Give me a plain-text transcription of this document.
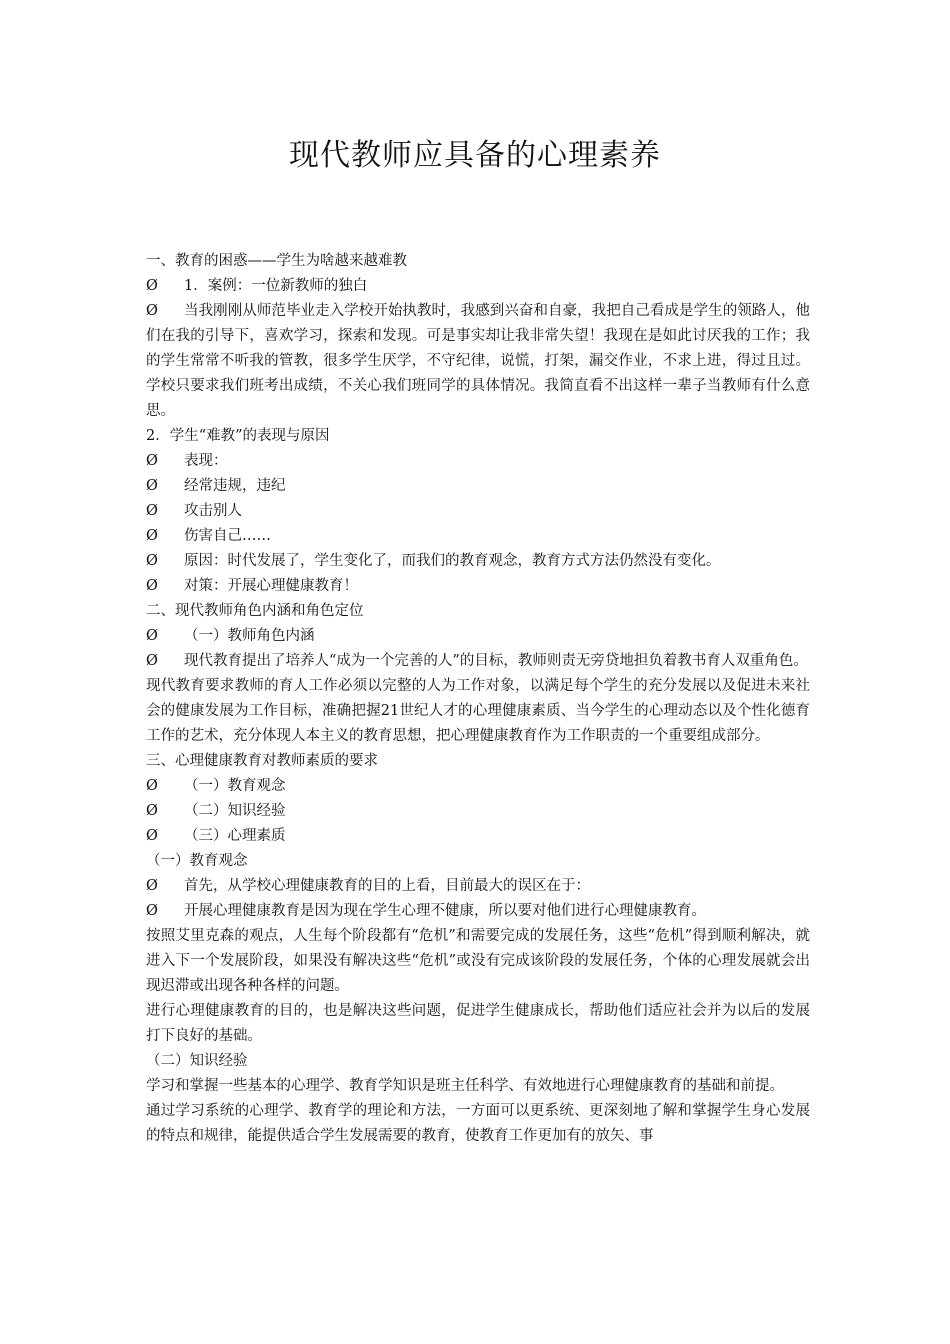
现代教师应具备的心理素养

一、教育的困惑——学生为啥越来越难教

Ø 1．案例：一位新教师的独白

Ø 当我刚刚从师范毕业走入学校开始执教时，我感到兴奋和自豪，我把自己看成是学生的领路人，他们在我的引导下，喜欢学习，探索和发现。可是事实却让我非常失望！我现在是如此讨厌我的工作；我的学生常常不听我的管教，很多学生厌学，不守纪律，说慌，打架，漏交作业，不求上进，得过且过。学校只要求我们班考出成绩，不关心我们班同学的具体情况。我简直看不出这样一辈子当教师有什么意思。

2．学生“难教”的表现与原因

Ø 表现：

Ø 经常违规，违纪

Ø 攻击别人

Ø 伤害自己……

Ø 原因：时代发展了，学生变化了，而我们的教育观念，教育方式方法仍然没有变化。

Ø 对策：开展心理健康教育！

二、现代教师角色内涵和角色定位

Ø （一）教师角色内涵

Ø 现代教育提出了培养人“成为一个完善的人”的目标，教师则责无旁贷地担负着教书育人双重角色。

现代教育要求教师的育人工作必须以完整的人为工作对象，以满足每个学生的充分发展以及促进未来社会的健康发展为工作目标，准确把握21世纪人才的心理健康素质、当今学生的心理动态以及个性化德育工作的艺术，充分体现人本主义的教育思想，把心理健康教育作为工作职责的一个重要组成部分。

三、心理健康教育对教师素质的要求

Ø （一）教育观念

Ø （二）知识经验

Ø （三）心理素质

（一）教育观念

Ø 首先，从学校心理健康教育的目的上看，目前最大的误区在于：

Ø 开展心理健康教育是因为现在学生心理不健康，所以要对他们进行心理健康教育。

按照艾里克森的观点，人生每个阶段都有“危机”和需要完成的发展任务，这些“危机”得到顺利解决，就进入下一个发展阶段，如果没有解决这些“危机”或没有完成该阶段的发展任务，个体的心理发展就会出现迟滞或出现各种各样的问题。

进行心理健康教育的目的，也是解决这些问题，促进学生健康成长，帮助他们适应社会并为以后的发展打下良好的基础。

（二）知识经验

学习和掌握一些基本的心理学、教育学知识是班主任科学、有效地进行心理健康教育的基础和前提。

通过学习系统的心理学、教育学的理论和方法，一方面可以更系统、更深刻地了解和掌握学生身心发展的特点和规律，能提供适合学生发展需要的教育，使教育工作更加有的放矢、事
